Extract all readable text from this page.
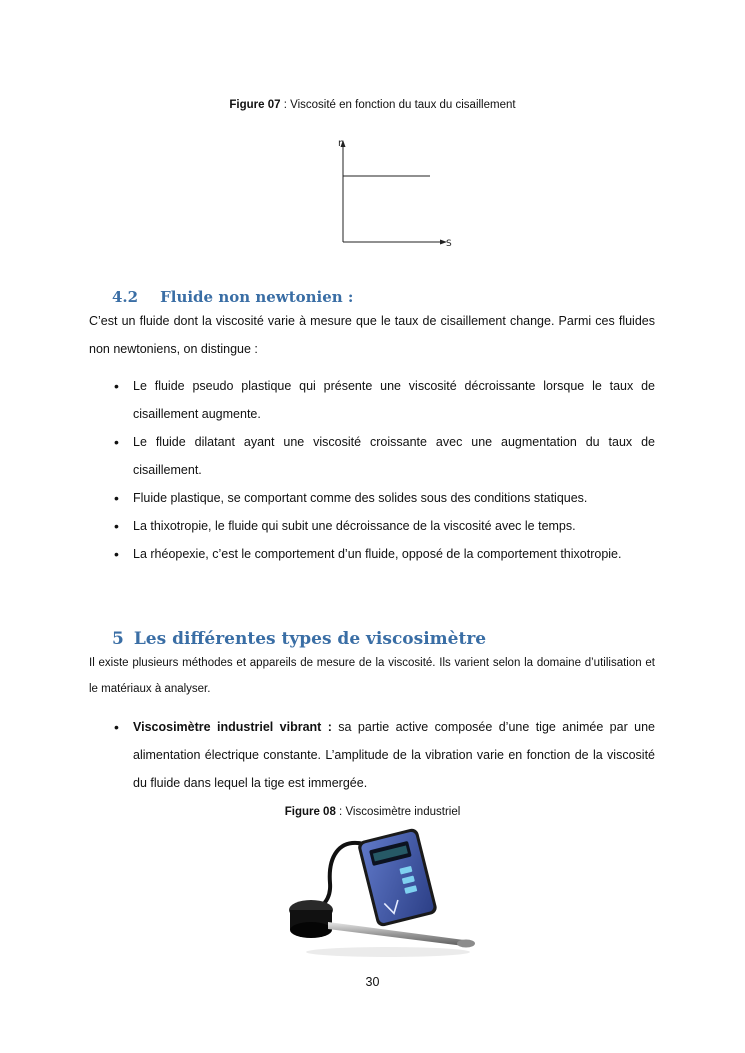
Figure 07 : Viscosité en fonction du taux du cisaillement
η
S
4.2 Fluide non newtonien :
C’est un fluide dont la viscosité varie à mesure que le taux de cisaillement change. Parmi ces fluides non newtoniens, on distingue :
• Le fluide pseudo plastique qui présente une viscosité décroissante lorsque le taux de cisaillement augmente.
• Le fluide dilatant ayant une viscosité croissante avec une augmentation du taux de cisaillement.
• Fluide plastique, se comportant comme des solides sous des conditions statiques.
• La thixotropie, le fluide qui subit une décroissance de la viscosité avec le temps.
• La rhéopexie, c’est le comportement d’un fluide, opposé de la comportement thixotropie.
5 Les différentes types de viscosimètre
Il existe plusieurs méthodes et appareils de mesure de la viscosité. Ils varient selon la domaine d’utilisation et le matériaux à analyser.
• Viscosimètre industriel vibrant : sa partie active composée d’une tige animée par une alimentation électrique constante. L’amplitude de la vibration varie en fonction de la viscosité du fluide dans lequel la tige est immergée.
Figure 08 : Viscosimètre industriel
30
